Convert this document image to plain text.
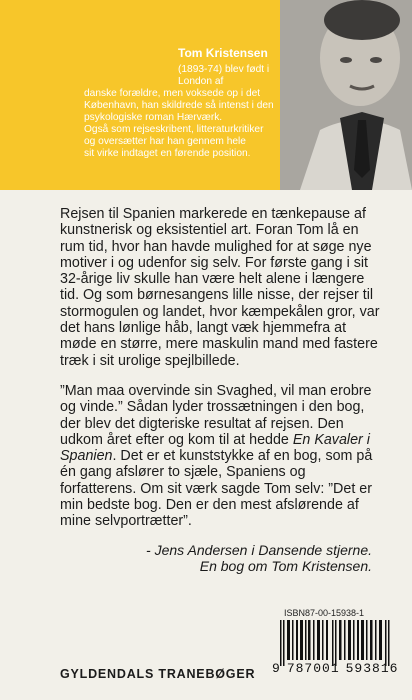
Tom Kristensen

(1893-74) blev født i London af

danske forældre, men voksede op i det

København, han skildrede så intenst i den

psykologiske roman Hærværk.

Også som rejseskribent, litteraturkritiker

og oversætter har han gennem hele

sit virke indtaget en førende position.

Rejsen til Spanien markerede en tænkepause af kunstnerisk og eksistentiel art. Foran Tom lå en rum tid, hvor han havde mulighed for at søge nye motiver i og udenfor sig selv. For første gang i sit 32-årige liv skulle han være helt alene i længere tid. Og som børnesangens lille nisse, der rejser til stormogulen og landet, hvor kæmpekålen gror, var det hans lønlige håb, langt væk hjemmefra at møde en større, mere maskulin mand med fastere træk i sit urolige spejlbillede.

”Man maa overvinde sin Svaghed, vil man erobre og vinde.” Sådan lyder trossætningen i den bog, der blev det digteriske resultat af rejsen. Den udkom året efter og kom til at hedde En Kavaler i Spanien. Det er et kunststykke af en bog, som på én gang afslører to sjæle, Spaniens og forfatterens. Om sit værk sagde Tom selv: ”Det er min bedste bog. Den er den mest afslørende af mine selvportrætter”.

- Jens Andersen i Dansende stjerne.
En bog om Tom Kristensen.
ISBN87-00-15938-1
9 787001 593816
GYLDENDALS TRANEBØGER
